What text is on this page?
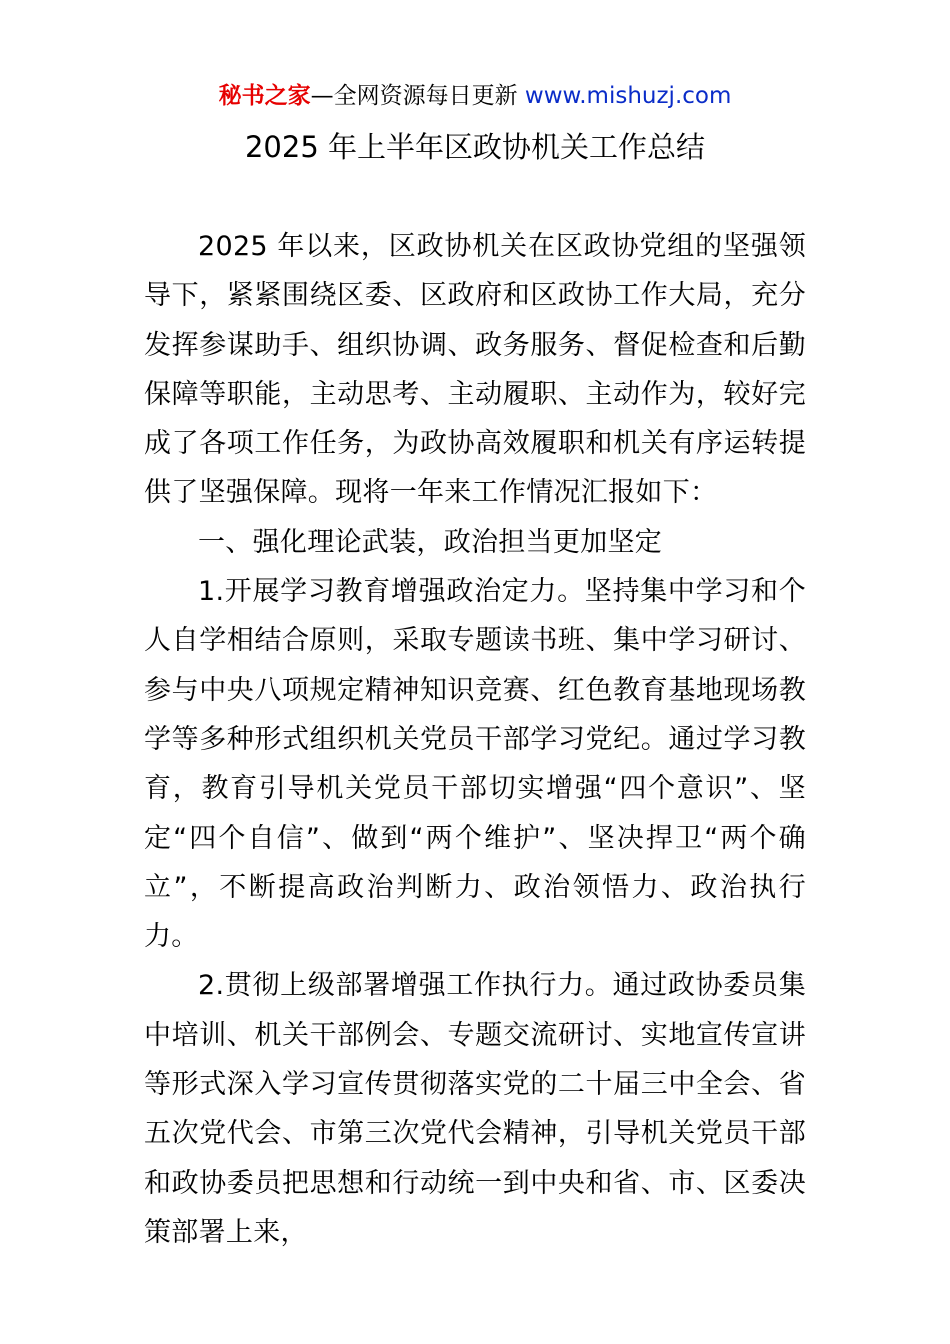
秘书之家—全网资源每日更新 www.mishuzj.com
2025 年上半年区政协机关工作总结

2025 年以来，区政协机关在区政协党组的坚强领导下，紧紧围绕区委、区政府和区政协工作大局，充分发挥参谋助手、组织协调、政务服务、督促检查和后勤保障等职能，主动思考、主动履职、主动作为，较好完成了各项工作任务，为政协高效履职和机关有序运转提供了坚强保障。现将一年来工作情况汇报如下：

一、强化理论武装，政治担当更加坚定

1.开展学习教育增强政治定力。坚持集中学习和个人自学相结合原则，采取专题读书班、集中学习研讨、参与中央八项规定精神知识竞赛、红色教育基地现场教学等多种形式组织机关党员干部学习党纪。通过学习教育，教育引导机关党员干部切实增强“四个意识”、坚定“四个自信”、做到“两个维护”、坚决捍卫“两个确立”，不断提高政治判断力、政治领悟力、政治执行力。

2.贯彻上级部署增强工作执行力。通过政协委员集中培训、机关干部例会、专题交流研讨、实地宣传宣讲等形式深入学习宣传贯彻落实党的二十届三中全会、省五次党代会、市第三次党代会精神，引导机关党员干部和政协委员把思想和行动统一到中央和省、市、区委决策部署上来，
